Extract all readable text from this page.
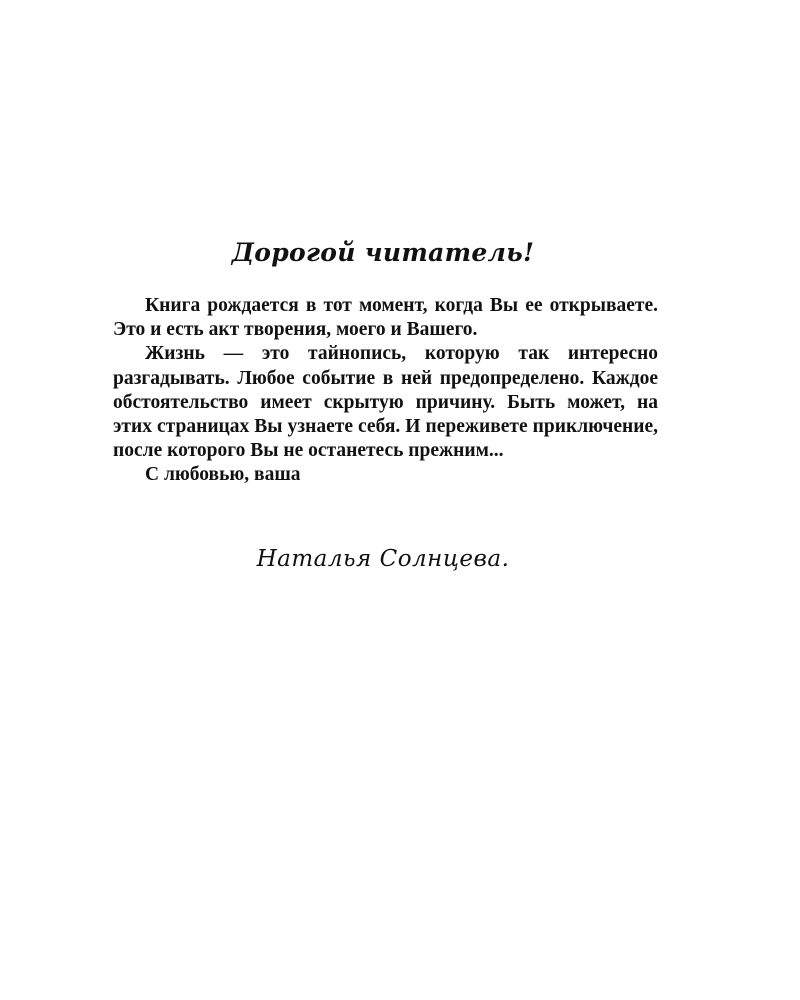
Дорогой читатель!

Книга рождается в тот момент, когда Вы ее открываете. Это и есть акт творения, моего и Вашего.

Жизнь — это тайнопись, которую так интересно разгадывать. Любое событие в ней предопределено. Каждое обстоятельство имеет скрытую причину. Быть может, на этих страницах Вы узнаете себя. И переживете приключение, после которого Вы не останетесь прежним...

С любовью, ваша

Наталья Солнцева.
